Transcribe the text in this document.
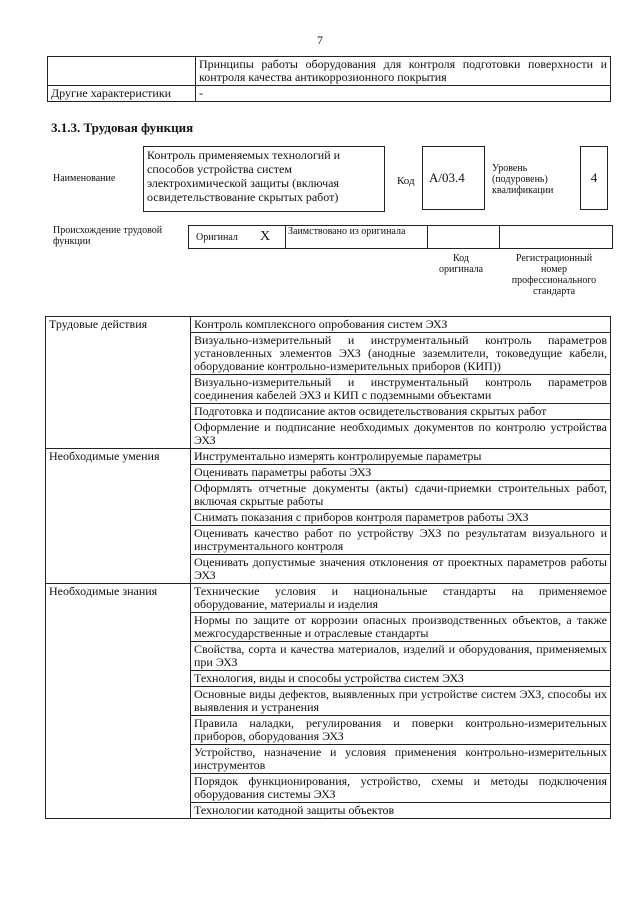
7
	Принципы работы оборудования для контроля подготовки поверхности и контроля качества антикоррозионного покрытия
Другие характеристики	-
3.1.3. Трудовая функция
Наименование
Контроль применяемых технологий и способов устройства систем электрохимической защиты (включая освидетельствование скрытых работ)
Код	A/03.4
Уровень (подуровень) квалификации
4
Происхождение трудовой функции	Оригинал X Заимствовано из оригинала
Код оригинала
Регистрационный номер профессионального стандарта
Трудовые действия	Контроль комплексного опробования систем ЭХЗ
	Визуально-измерительный и инструментальный контроль параметров установленных элементов ЭХЗ (анодные заземлители, токоведущие кабели, оборудование контрольно-измерительных приборов (КИП))
	Визуально-измерительный и инструментальный контроль параметров соединения кабелей ЭХЗ и КИП с подземными объектами
	Подготовка и подписание актов освидетельствования скрытых работ
	Оформление и подписание необходимых документов по контролю устройства ЭХЗ
Необходимые умения	Инструментально измерять контролируемые параметры
	Оценивать параметры работы ЭХЗ
	Оформлять отчетные документы (акты) сдачи-приемки строительных работ, включая скрытые работы
	Снимать показания с приборов контроля параметров работы ЭХЗ
	Оценивать качество работ по устройству ЭХЗ по результатам визуального и инструментального контроля
	Оценивать допустимые значения отклонения от проектных параметров работы ЭХЗ
Необходимые знания	Технические условия и национальные стандарты на применяемое оборудование, материалы и изделия
	Нормы по защите от коррозии опасных производственных объектов, а также межгосударственные и отраслевые стандарты
	Свойства, сорта и качества материалов, изделий и оборудования, применяемых при ЭХЗ
	Технология, виды и способы устройства систем ЭХЗ
	Основные виды дефектов, выявленных при устройстве систем ЭХЗ, способы их выявления и устранения
	Правила наладки, регулирования и поверки контрольно-измерительных приборов, оборудования ЭХЗ
	Устройство, назначение и условия применения контрольно-измерительных инструментов
	Порядок функционирования, устройство, схемы и методы подключения оборудования системы ЭХЗ
	Технологии катодной защиты объектов
